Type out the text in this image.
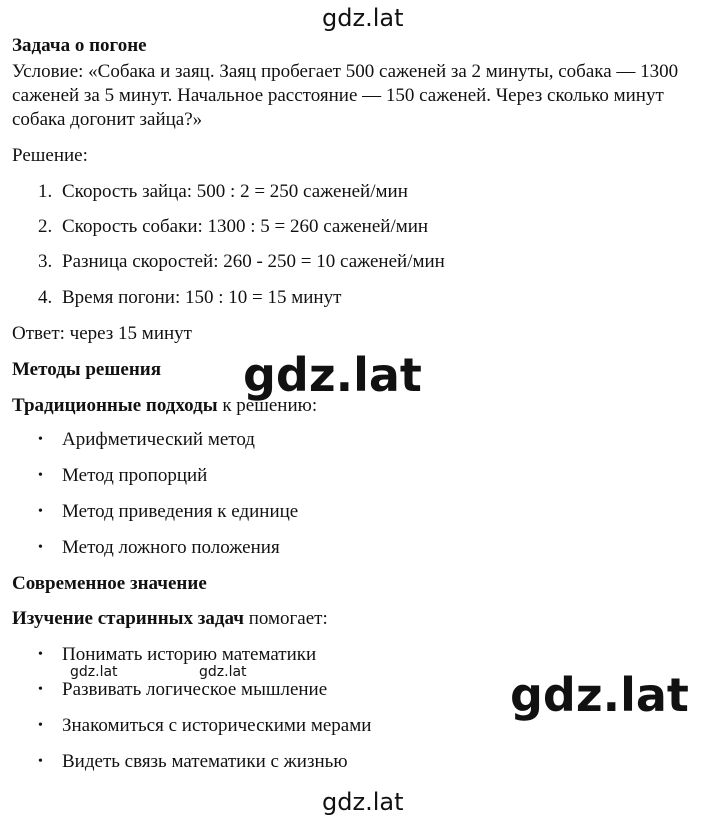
gdz.lat
Задача о погоне
Условие: «Собака и заяц. Заяц пробегает 500 саженей за 2 минуты, собака — 1300 саженей за 5 минут. Начальное расстояние — 150 саженей. Через сколько минут собака догонит зайца?»
Решение:
1. Скорость зайца: 500 : 2 = 250 саженей/мин
2. Скорость собаки: 1300 : 5 = 260 саженей/мин
3. Разница скоростей: 260 - 250 = 10 саженей/мин
4. Время погони: 150 : 10 = 15 минут
Ответ: через 15 минут
Методы решения
Традиционные подходы к решению:
• Арифметический метод
• Метод пропорций
• Метод приведения к единице
• Метод ложного положения
Современное значение
Изучение старинных задач помогает:
• Понимать историю математики
• Развивать логическое мышление
• Знакомиться с историческими мерами
• Видеть связь математики с жизнью
gdz.lat
gdz.lat	gdz.lat	gdz.lat
gdz.lat
